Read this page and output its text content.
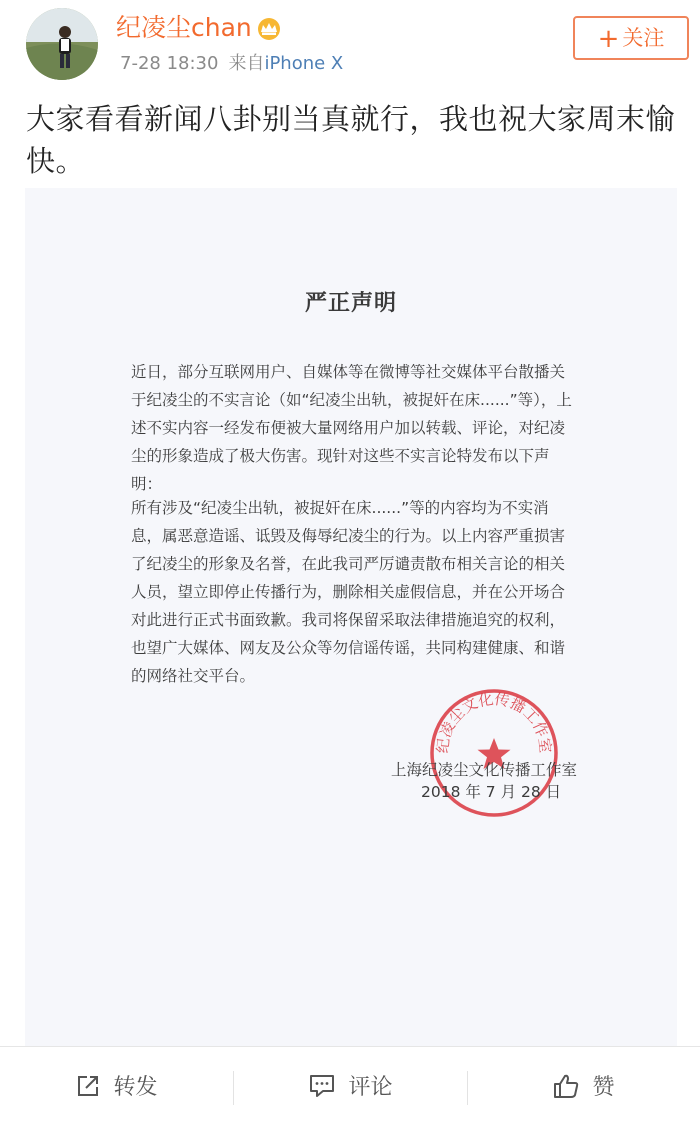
纪凌尘chan
7-28 18:30 来自iPhone X
+ 关注
大家看看新闻八卦别当真就行，我也祝大家周末愉快。
严正声明
近日，部分互联网用户、自媒体等在微博等社交媒体平台散播关于纪凌尘的不实言论（如“纪凌尘出轨，被捉奸在床......”等），上述不实内容一经发布便被大量网络用户加以转载、评论，对纪凌尘的形象造成了极大伤害。现针对这些不实言论特发布以下声明：
所有涉及“纪凌尘出轨，被捉奸在床......”等的内容均为不实消息，属恶意造谣、诋毁及侮辱纪凌尘的行为。以上内容严重损害了纪凌尘的形象及名誉，在此我司严厉谴责散布相关言论的相关人员，望立即停止传播行为，删除相关虚假信息，并在公开场合对此进行正式书面致歉。我司将保留采取法律措施追究的权利，也望广大媒体、网友及公众等勿信谣传谣，共同构建健康、和谐的网络社交平台。
纪凌尘文化传播工作室
上海纪凌尘文化传播工作室
2018 年 7 月 28 日
转发	评论	赞
